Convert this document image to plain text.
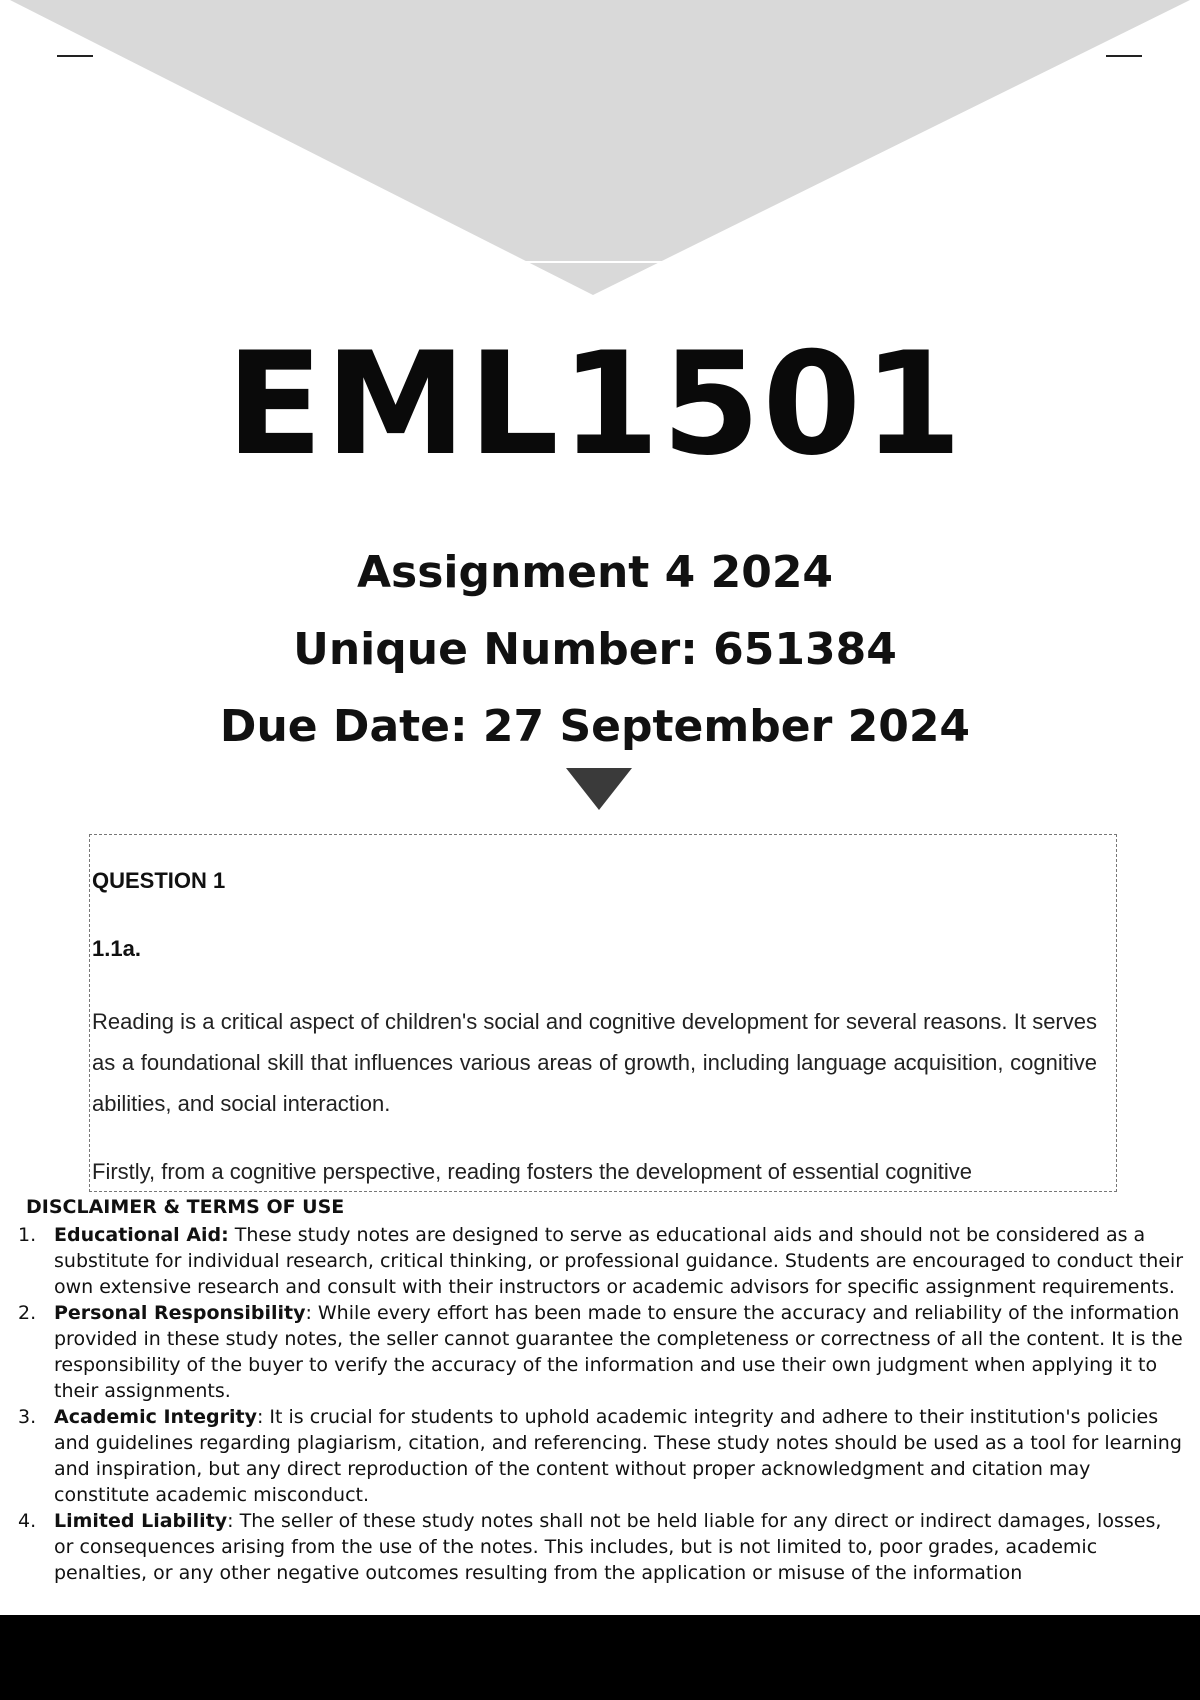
EML1501
Assignment 4 2024
Unique Number: 651384
Due Date: 27 September 2024
QUESTION 1
1.1a.

Reading is a critical aspect of children's social and cognitive development for several reasons. It serves as a foundational skill that influences various areas of growth, including language acquisition, cognitive abilities, and social interaction.

Firstly, from a cognitive perspective, reading fosters the development of essential cognitive

DISCLAIMER & TERMS OF USE
1. Educational Aid: These study notes are designed to serve as educational aids and should not be considered as a substitute for individual research, critical thinking, or professional guidance. Students are encouraged to conduct their own extensive research and consult with their instructors or academic advisors for specific assignment requirements.
2. Personal Responsibility: While every effort has been made to ensure the accuracy and reliability of the information provided in these study notes, the seller cannot guarantee the completeness or correctness of all the content. It is the responsibility of the buyer to verify the accuracy of the information and use their own judgment when applying it to their assignments.
3. Academic Integrity: It is crucial for students to uphold academic integrity and adhere to their institution's policies and guidelines regarding plagiarism, citation, and referencing. These study notes should be used as a tool for learning and inspiration, but any direct reproduction of the content without proper acknowledgment and citation may constitute academic misconduct.
4. Limited Liability: The seller of these study notes shall not be held liable for any direct or indirect damages, losses, or consequences arising from the use of the notes. This includes, but is not limited to, poor grades, academic penalties, or any other negative outcomes resulting from the application or misuse of the information
